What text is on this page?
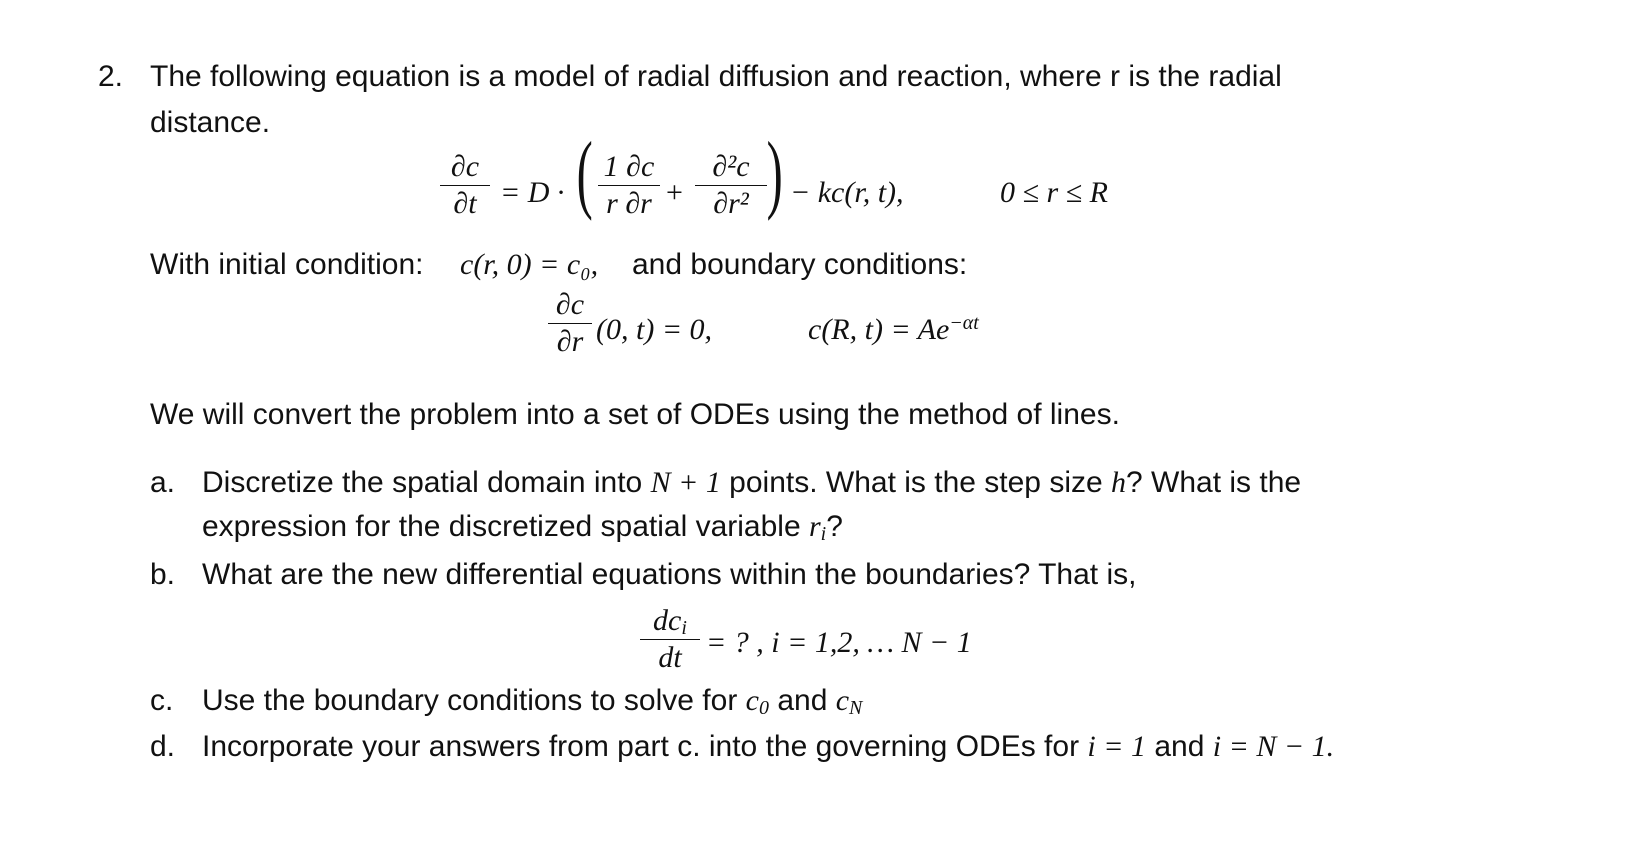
2. The following equation is a model of radial diffusion and reaction, where r is the radial
distance.
∂c
∂t = D · ( 1 ∂c
r ∂r +
∂²c
∂r² ) − kc(r, t),	0 ≤ r ≤ R
With initial condition: c(r, 0) = c₀, and boundary conditions:
∂c
∂r (0, t) = 0,	c(R, $t) = Ae^{-\alpha t}$
We will convert the problem into a set of ODEs using the method of lines.
a. Discretize the spatial domain into N + 1 points. What is the step size h? What is the
expression for the discretized spatial variable $r_i$?
b. What are the new differential equations within the boundaries? That is,
$dc_i$
dt = ? , i = 1,2, … N − 1
c. Use the boundary conditions to solve for $c_0$ and $c_N$
d. Incorporate your answers from part c. into the governing ODEs for i = 1 and i = N − 1.
